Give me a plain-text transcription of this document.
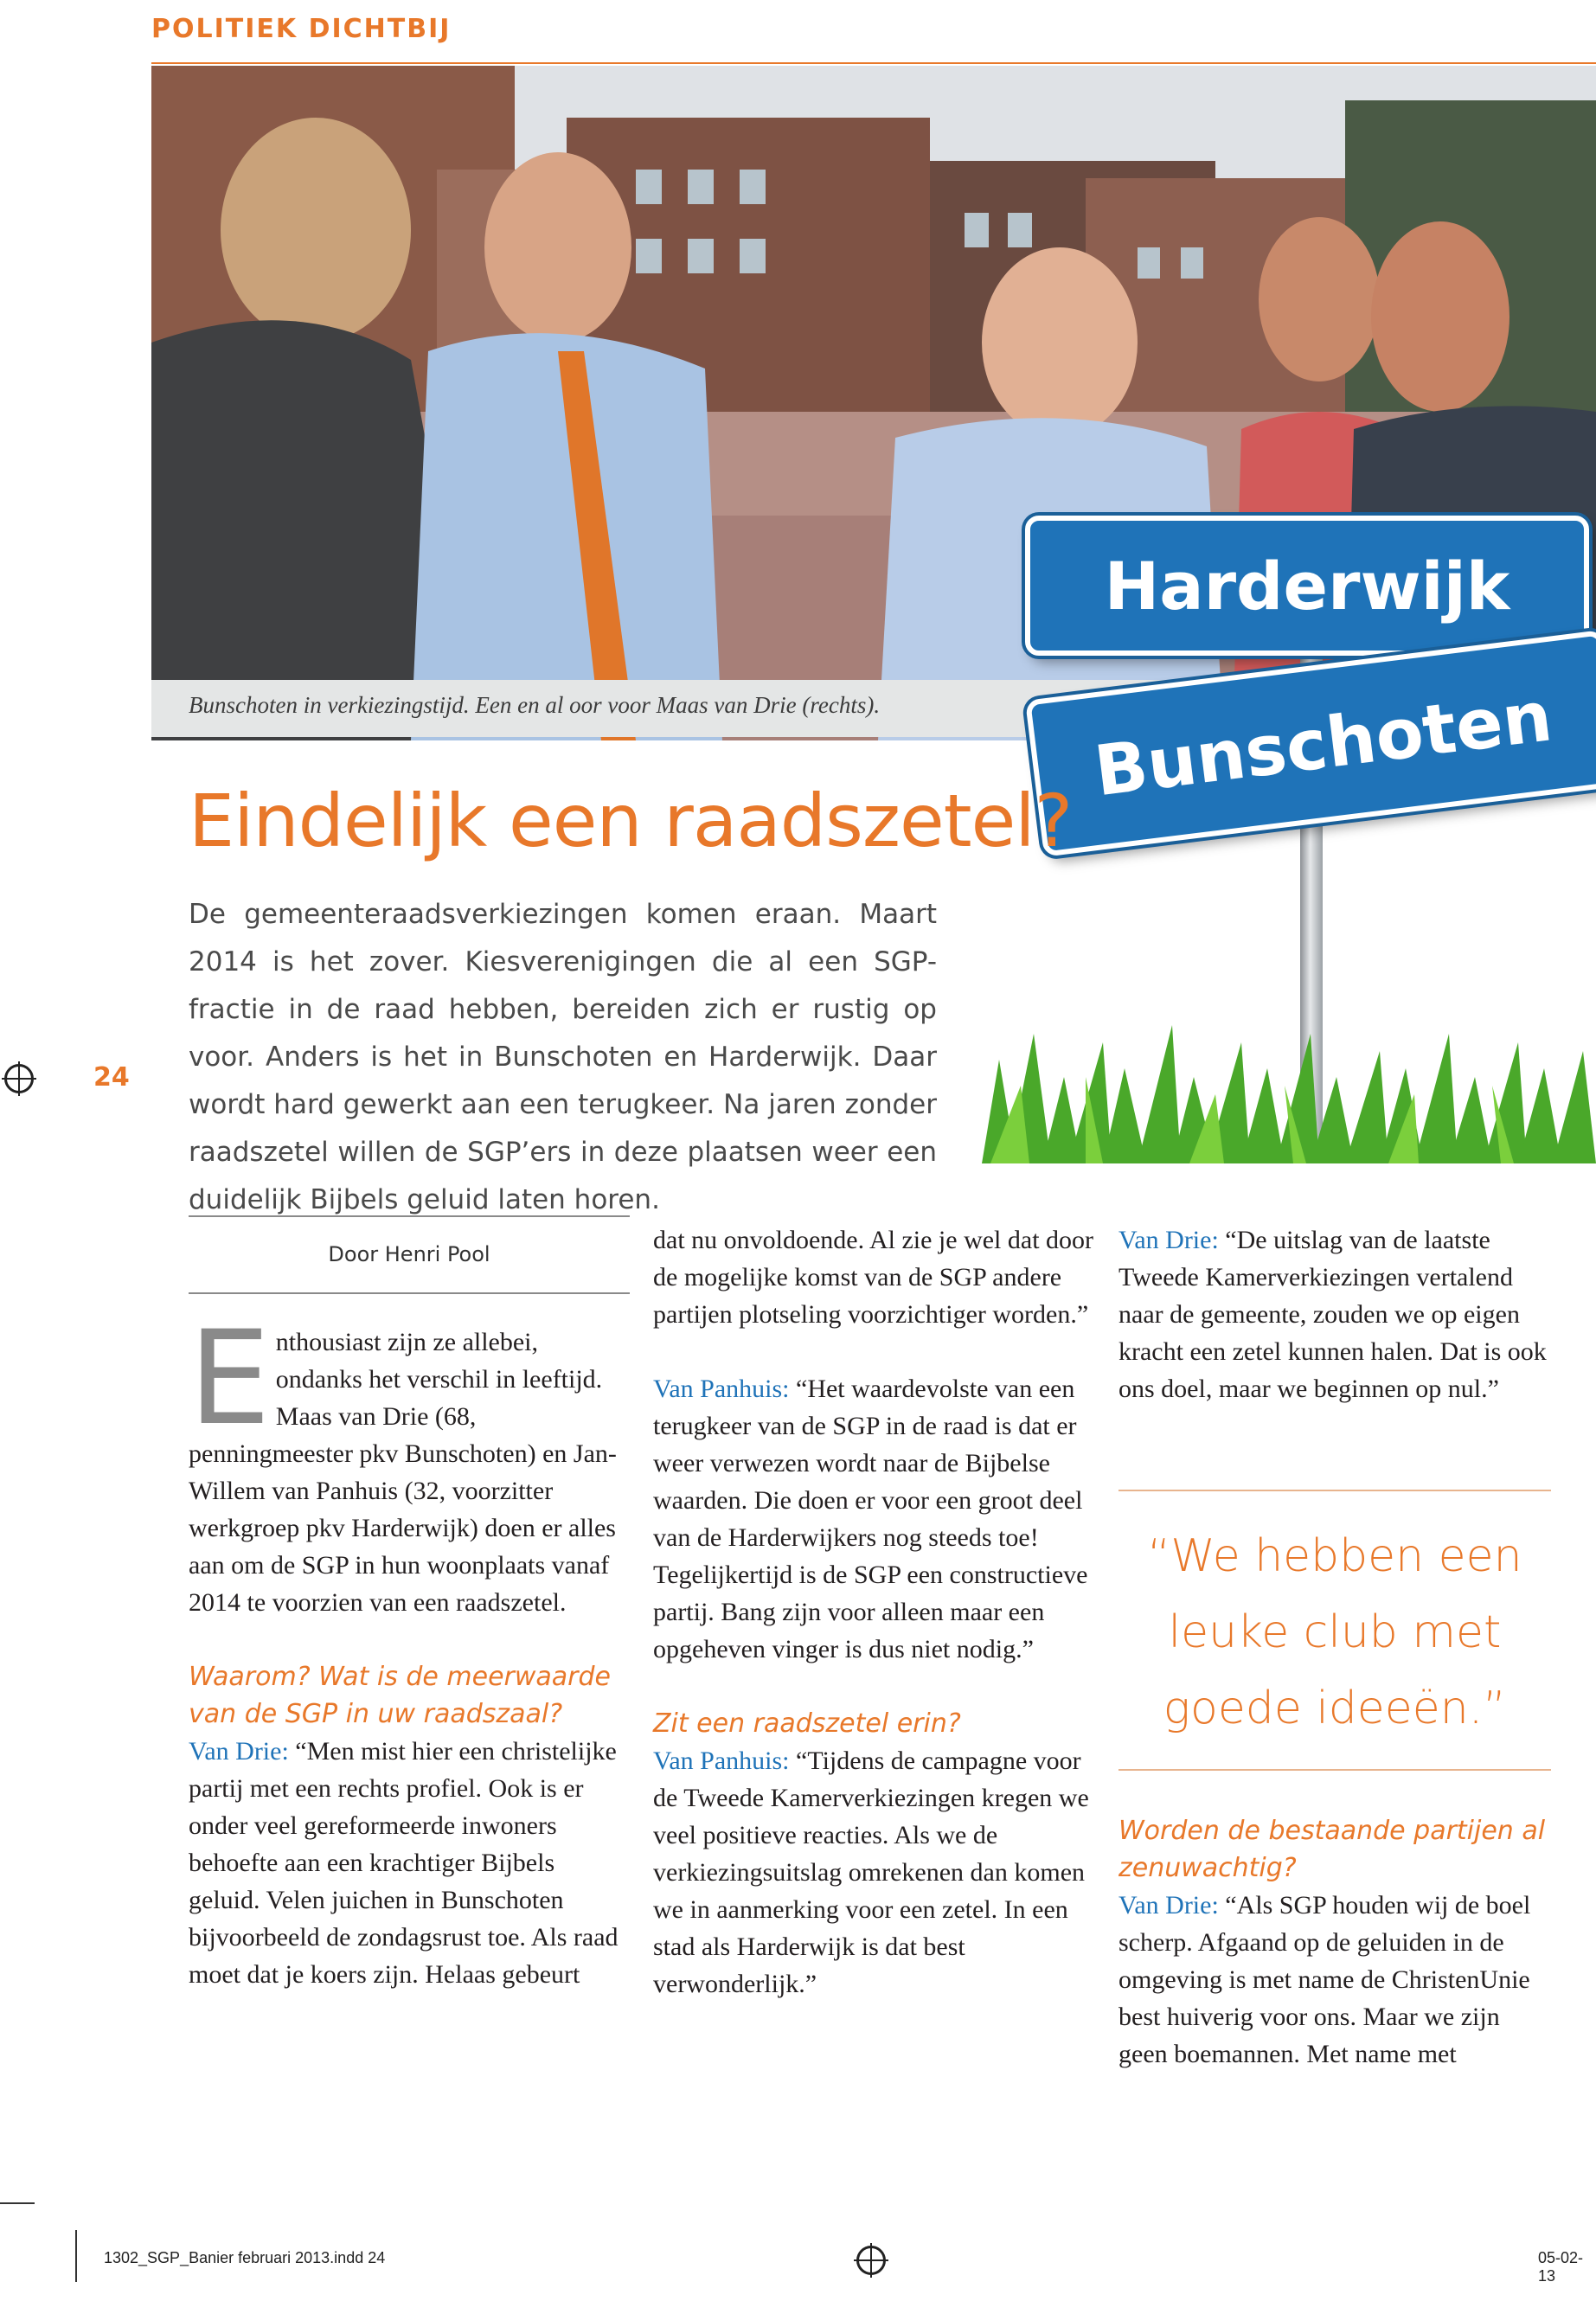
POLITIEK DICHTBIJ
Bunschoten in verkiezingstijd. Een en al oor voor Maas van Drie (rechts).
Harderwijk
Bunschoten
Eindelijk een raadszetel?
De gemeenteraadsverkiezingen komen eraan. Maart 2014 is het zover. Kiesverenigingen die al een SGP-fractie in de raad hebben, bereiden zich er rustig op voor. Anders is het in Bunschoten en Harderwijk. Daar wordt hard gewerkt aan een terugkeer. Na jaren zonder raadszetel willen de SGP’ers in deze plaatsen weer een duidelijk Bijbels geluid laten horen.
24
Door Henri Pool

Enthousiast zijn ze allebei, ondanks het verschil in leeftijd. Maas van Drie (68, penningmeester pkv Bunschoten) en Jan-Willem van Panhuis (32, voorzitter werkgroep pkv Harderwijk) doen er alles aan om de SGP in hun woonplaats vanaf 2014 te voorzien van een raadszetel.

Waarom? Wat is de meerwaarde van de SGP in uw raadszaal?

Van Drie: “Men mist hier een christelijke partij met een rechts profiel. Ook is er onder veel gereformeerde inwoners behoefte aan een krachtiger Bijbels geluid. Velen juichen in Bunschoten bijvoorbeeld de zondagsrust toe. Als raad moet dat je koers zijn. Helaas gebeurt

dat nu onvoldoende. Al zie je wel dat door de mogelijke komst van de SGP andere partijen plotseling voorzichtiger worden.”

Van Panhuis: “Het waardevolste van een terugkeer van de SGP in de raad is dat er weer verwezen wordt naar de Bijbelse waarden. Die doen er voor een groot deel van de Harderwijkers nog steeds toe! Tegelijkertijd is de SGP een constructieve partij. Bang zijn voor alleen maar een opgeheven vinger is dus niet nodig.”

Zit een raadszetel erin?

Van Panhuis: “Tijdens de campagne voor de Tweede Kamerverkiezingen kregen we veel positieve reacties. Als we de verkiezingsuitslag omrekenen dan komen we in aanmerking voor een zetel. In een stad als Harderwijk is dat best verwonderlijk.”

Van Drie: “De uitslag van de laatste Tweede Kamerverkiezingen vertalend naar de gemeente, zouden we op eigen kracht een zetel kunnen halen. Dat is ook ons doel, maar we beginnen op nul.”

“We hebben een leuke club met goede ideeën.”

Worden de bestaande partijen al zenuwachtig?

Van Drie: “Als SGP houden wij de boel scherp. Afgaand op de geluiden in de omgeving is met name de ChristenUnie best huiverig voor ons. Maar we zijn geen boemannen. Met name met

1302_SGP_Banier februari 2013.indd 24	05-02-13
